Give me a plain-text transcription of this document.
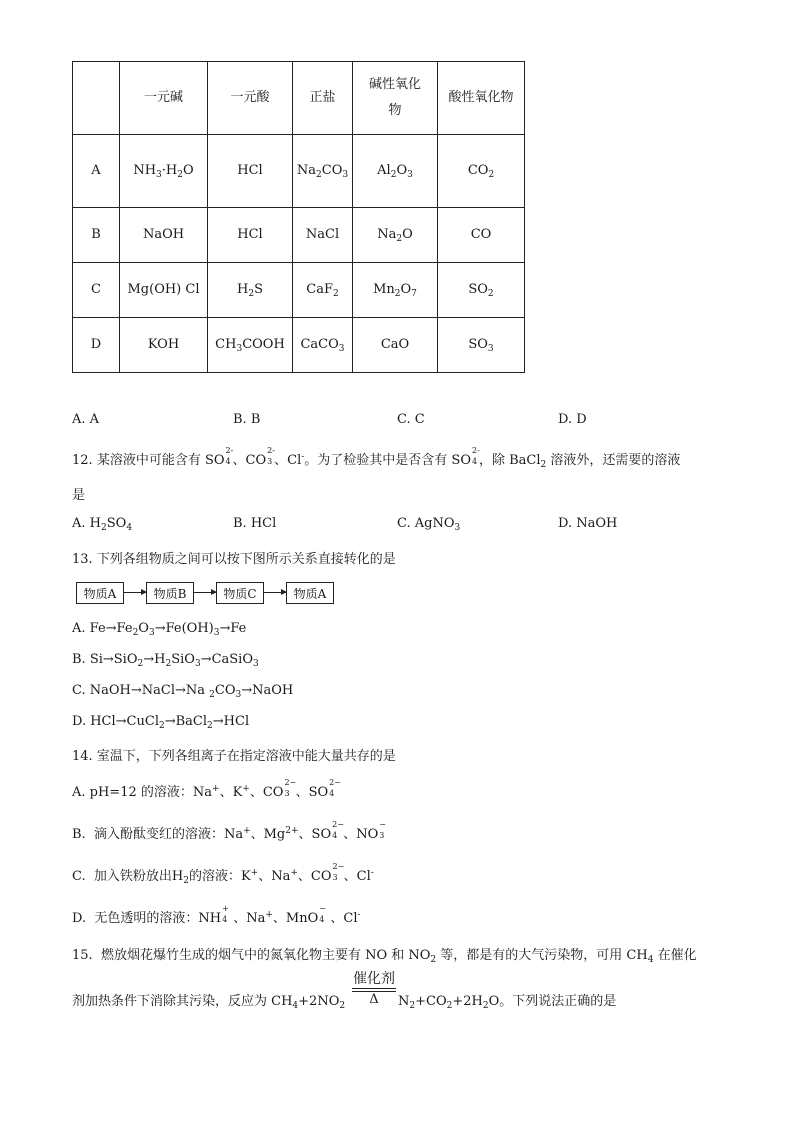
	一元碱	一元酸	正盐	碱性氧化物	酸性氧化物
A	$NH_3\cdot H_2O$	HCl	$Na_2CO_3$	$Al_2O_3$	$CO_2$
B	NaOH	HCl	NaCl	$Na_2O$	CO
C	Mg(OH) Cl	$H_2S$	CaF$_2$	$Mn_2O_7$	$SO_2$
D	KOH	$CH_3COOH$	CaCO$_3$	CaO	$SO_3$
A. A	B. B	C. C	D. D
12. 某溶液中可能含有 SO
2-
4 、CO
2-
3 、Cl-。为了检验其中是否含有 SO
2-
4 ，除 BaCl$_2$ 溶液外，还需要的溶液
是
A. $H_2SO_4$	B. HCl	C. AgNO$_3$	D. NaOH
13. 下列各组物质之间可以按下图所示关系直接转化的是
物质A	物质B	物质C	物质A
A. $Fe\to Fe_2O_3\to Fe(OH)_3\to Fe$
B. $Si\to SiO_2\to H_2SiO_3\to CaSiO_3$
C. NaOH→NaCl→Na $_2CO_3\to NaOH$
D. HCl→CuCl$_2$→BaCl$_2$→HCl
14. 室温下，下列各组离子在指定溶液中能大量共存的是
A. pH=12 的溶液：Na+、K+、CO
2−
3 、SO
2−
4
B.  滴入酚酞变红的溶液：Na+、$Mg^{2+}$、SO
2−
4 、NO
−
3
C.  加入铁粉放出$H_2$的溶液：K+、Na+、CO
2−
3 、Cl-
D.  无色透明的溶液：NH
+
4 、Na+、MnO
−
4 、Cl-
15.  燃放烟花爆竹生成的烟气中的氮氧化物主要有 NO 和 $NO_2$ 等，都是有的大气污染物，可用 $CH_4$ 在催化
剂加热条件下消除其污染，反应为 $CH_4+2NO_2$
催化剂
Δ	$N_2+CO_2+2H_2O$。下列说法正确的是
